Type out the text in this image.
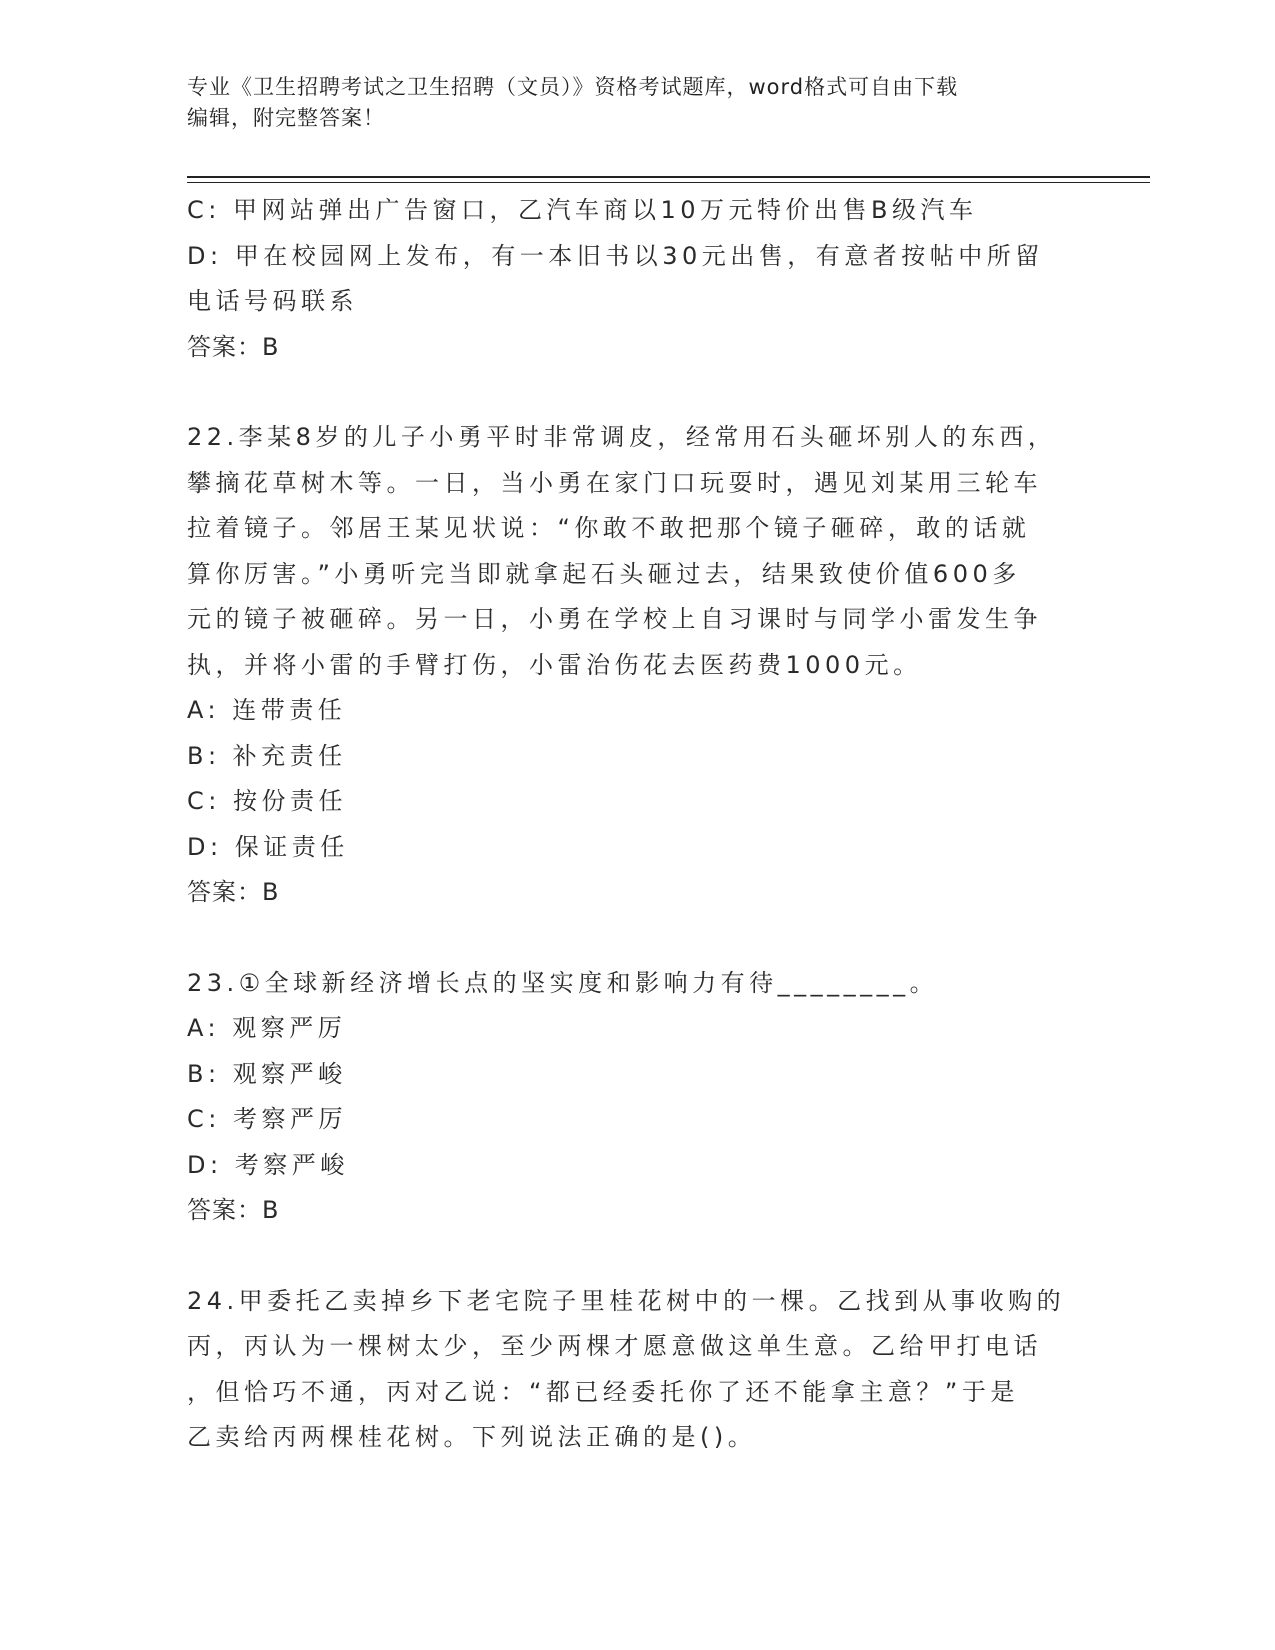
专业《卫生招聘考试之卫生招聘（文员）》资格考试题库，word格式可自由下载
编辑，附完整答案！

C: 甲网站弹出广告窗口，乙汽车商以10万元特价出售B级汽车

D: 甲在校园网上发布，有一本旧书以30元出售，有意者按帖中所留

电话号码联系

答案：B

22.李某8岁的儿子小勇平时非常调皮，经常用石头砸坏别人的东西，

攀摘花草树木等。一日，当小勇在家门口玩耍时，遇见刘某用三轮车

拉着镜子。邻居王某见状说：“你敢不敢把那个镜子砸碎，敢的话就

算你厉害。”小勇听完当即就拿起石头砸过去，结果致使价值600多

元的镜子被砸碎。另一日，小勇在学校上自习课时与同学小雷发生争

执，并将小雷的手臂打伤，小雷治伤花去医药费1000元。

A: 连带责任

B: 补充责任

C: 按份责任

D: 保证责任

答案：B

23.①全球新经济增长点的坚实度和影响力有待________。

A: 观察严厉

B: 观察严峻

C: 考察严厉

D: 考察严峻

答案：B

24.甲委托乙卖掉乡下老宅院子里桂花树中的一棵。乙找到从事收购的

丙，丙认为一棵树太少，至少两棵才愿意做这单生意。乙给甲打电话

，但恰巧不通，丙对乙说：“都已经委托你了还不能拿主意？”于是

乙卖给丙两棵桂花树。下列说法正确的是()。
